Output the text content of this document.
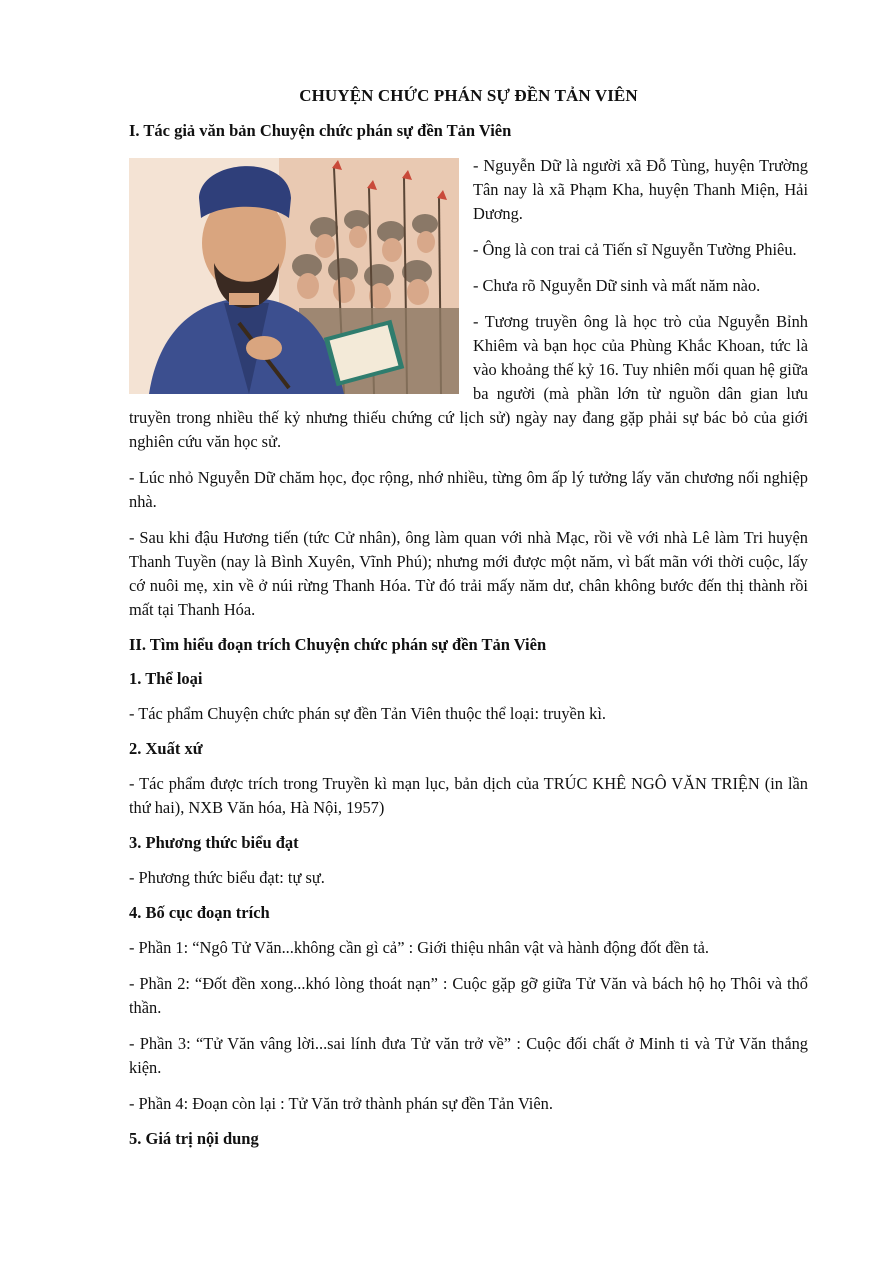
CHUYỆN CHỨC PHÁN SỰ ĐỀN TẢN VIÊN
I. Tác giả văn bản Chuyện chức phán sự đền Tản Viên

- Nguyễn Dữ là người xã Đỗ Tùng, huyện Trường Tân nay là xã Phạm Kha, huyện Thanh Miện, Hải Dương.

- Ông là con trai cả Tiến sĩ Nguyễn Tường Phiêu.

- Chưa rõ Nguyễn Dữ sinh và mất năm nào.

- Tương truyền ông là học trò của Nguyễn Bỉnh Khiêm và bạn học của Phùng Khắc Khoan, tức là vào khoảng thế kỷ 16. Tuy nhiên mối quan hệ giữa ba người (mà phần lớn từ nguồn dân gian lưu truyền trong nhiều thế kỷ nhưng thiếu chứng cứ lịch sử) ngày nay đang gặp phải sự bác bỏ của giới nghiên cứu văn học sử.

- Lúc nhỏ Nguyễn Dữ chăm học, đọc rộng, nhớ nhiều, từng ôm ấp lý tưởng lấy văn chương nối nghiệp nhà.

- Sau khi đậu Hương tiến (tức Cử nhân), ông làm quan với nhà Mạc, rồi về với nhà Lê làm Tri huyện Thanh Tuyền (nay là Bình Xuyên, Vĩnh Phú); nhưng mới được một năm, vì bất mãn với thời cuộc, lấy cớ nuôi mẹ, xin về ở núi rừng Thanh Hóa. Từ đó trải mấy năm dư, chân không bước đến thị thành rồi mất tại Thanh Hóa.

II. Tìm hiểu đoạn trích Chuyện chức phán sự đền Tản Viên
1. Thể loại

- Tác phẩm Chuyện chức phán sự đền Tản Viên thuộc thể loại: truyền kì.

2. Xuất xứ

- Tác phẩm được trích trong Truyền kì mạn lục, bản dịch của TRÚC KHÊ NGÔ VĂN TRIỆN (in lần thứ hai), NXB Văn hóa, Hà Nội, 1957)

3. Phương thức biểu đạt

- Phương thức biểu đạt: tự sự.

4. Bố cục đoạn trích

- Phần 1: “Ngô Tử Văn...không cần gì cả” : Giới thiệu nhân vật và hành động đốt đền tả.

- Phần 2: “Đốt đền xong...khó lòng thoát nạn” : Cuộc gặp gỡ giữa Tử Văn và bách hộ họ Thôi và thổ thần.

- Phần 3: “Tử Văn vâng lời...sai lính đưa Tử văn trở về” : Cuộc đối chất ở Minh ti và Tử Văn thắng kiện.

- Phần 4: Đoạn còn lại : Tử Văn trở thành phán sự đền Tản Viên.

5. Giá trị nội dung
